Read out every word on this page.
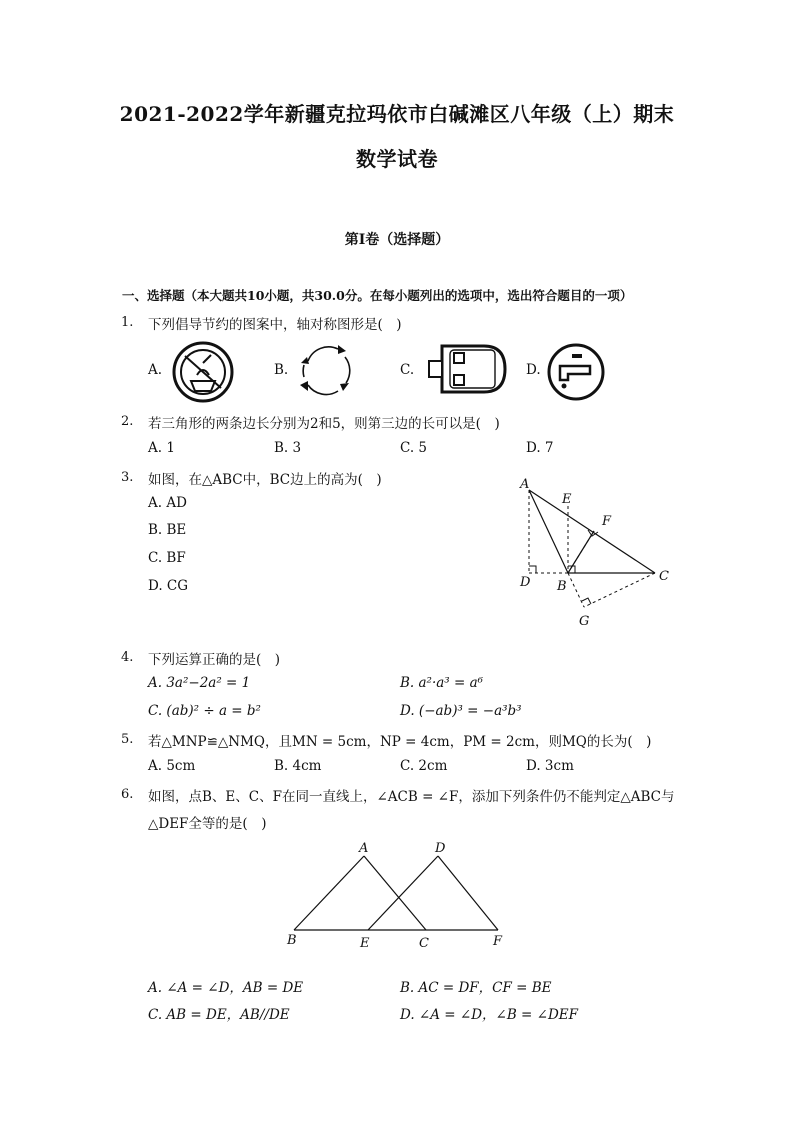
2021-2022学年新疆克拉玛依市白碱滩区八年级（上）期末
数学试卷
第I卷（选择题）
一、选择题（本大题共10小题，共30.0分。在每小题列出的选项中，选出符合题目的一项）
1. 下列倡导节约的图案中，轴对称图形是(　)
A.	B.	C.	D.
2. 若三角形的两条边长分别为2和5，则第三边的长可以是(　)
A. 1	B. 3	C. 5	D. 7
3. 如图，在△ABC中，BC边上的高为(　)
A. AD
B. BE
C. BF
D. CG
A
E
F
D B
C
G
4. 下列运算正确的是(　)
A. 3a²−2a² = 1	B. a²·a³ = a⁶
C. (ab)² ÷ a = b²	D. (−ab)³ = −a³b³
5. 若△MNP≌△NMQ，且MN = 5cm，NP = 4cm，PM = 2cm，则MQ的长为(　)
A. 5cm	B. 4cm	C. 2cm	D. 3cm
6. 如图，点B、E、C、F在同一直线上，∠ACB = ∠F，添加下列条件仍不能判定△ABC与
△DEF全等的是(　)
A	D
B	E	C	F
A. ∠A = ∠D，AB = DE	B. AC = DF，CF = BE
C. AB = DE，AB//DE	D. ∠A = ∠D，∠B = ∠DEF
